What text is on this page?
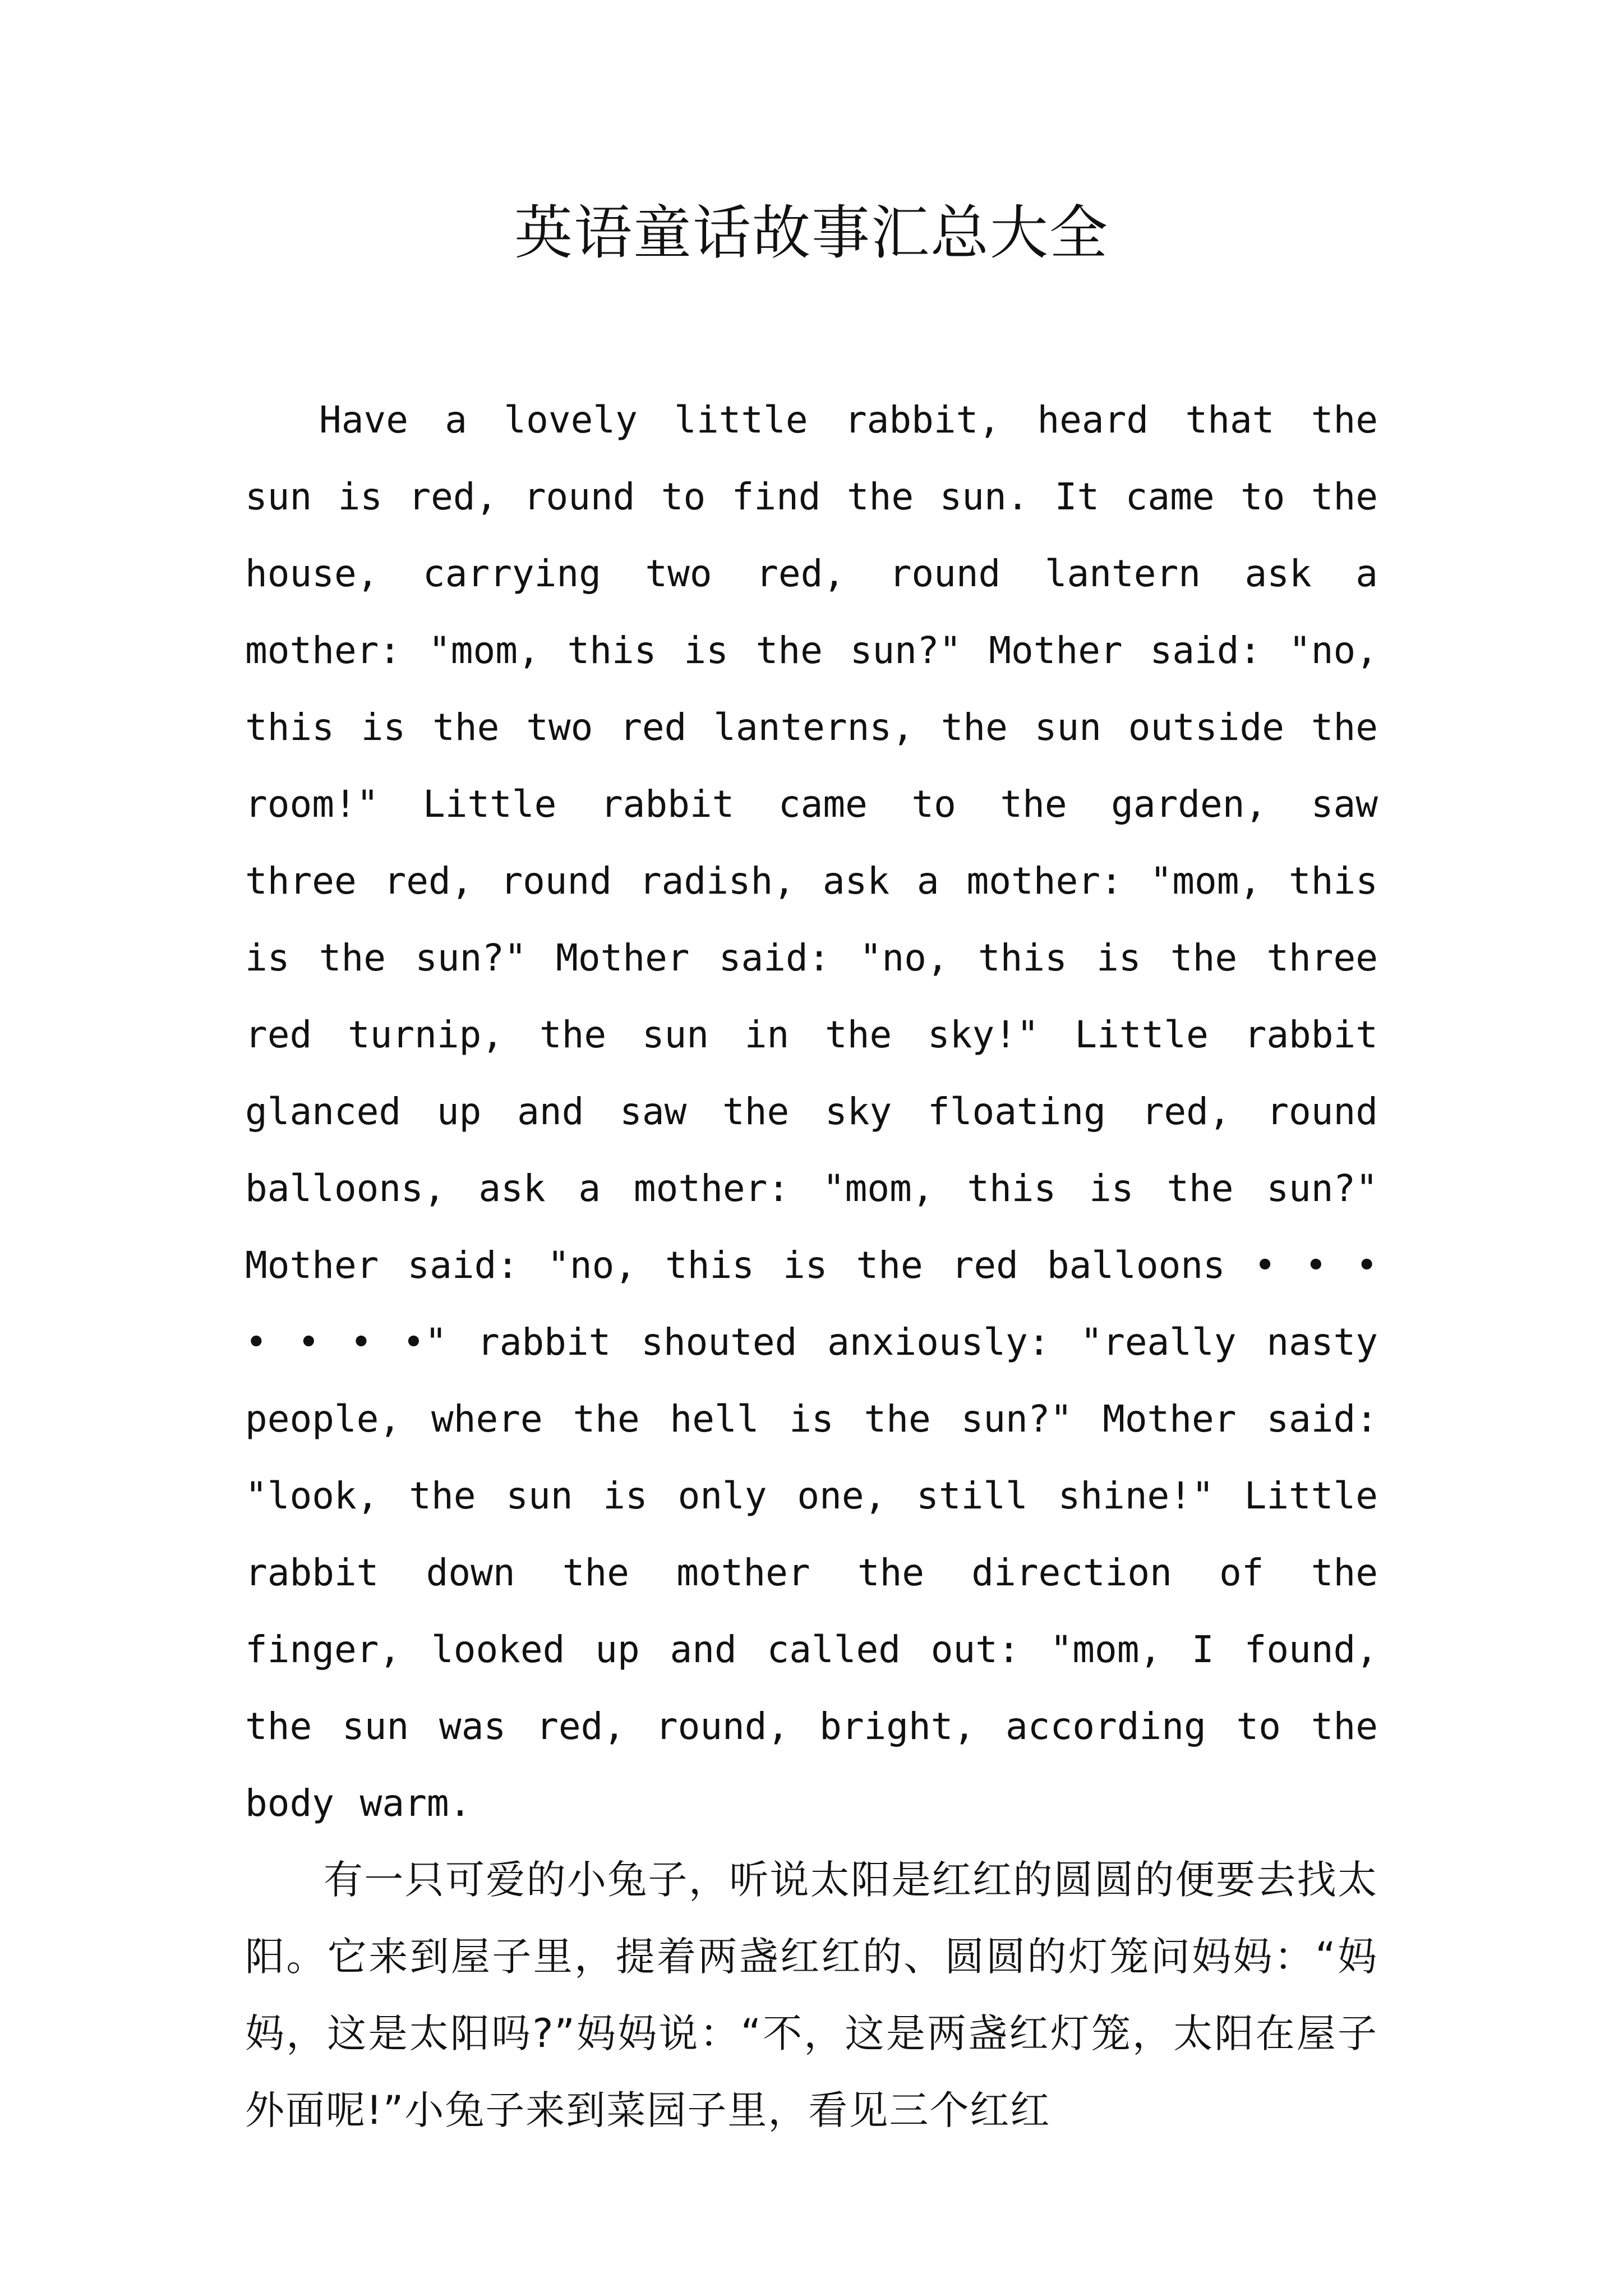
英语童话故事汇总大全

Have a lovely little rabbit, heard that the sun is red, round to find the sun. It came to the house, carrying two red, round lantern ask a mother: "mom, this is the sun?" Mother said: "no, this is the two red lanterns, the sun outside the room!" Little rabbit came to the garden, saw three red, round radish, ask a mother: "mom, this is the sun?" Mother said: "no, this is the three red turnip, the sun in the sky!" Little rabbit glanced up and saw the sky floating red, round balloons, ask a mother: "mom, this is the sun?" Mother said: "no, this is the red balloons • • • • • • •" rabbit shouted anxiously: "really nasty people, where the hell is the sun?" Mother said: "look, the sun is only one, still shine!" Little rabbit down the mother the direction of the finger, looked up and called out: "mom, I found, the sun was red, round, bright, according to the body warm.

有一只可爱的小兔子，听说太阳是红红的圆圆的便要去找太阳。它来到屋子里，提着两盏红红的、圆圆的灯笼问妈妈：“妈妈，这是太阳吗?”妈妈说：“不，这是两盏红灯笼，太阳在屋子外面呢!”小兔子来到菜园子里，看见三个红红
